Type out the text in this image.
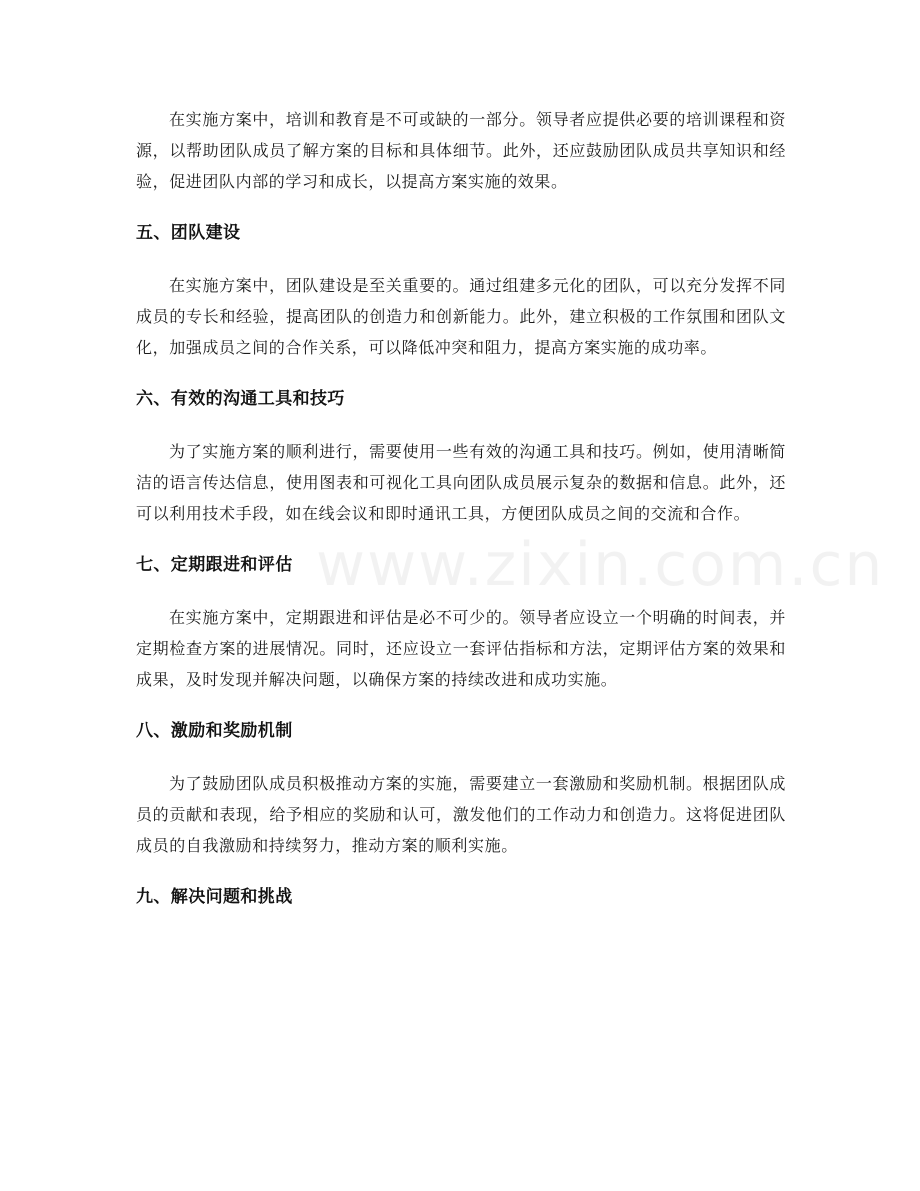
www.zixin.com.cn

在实施方案中，培训和教育是不可或缺的一部分。领导者应提供必要的培训课程和资源，以帮助团队成员了解方案的目标和具体细节。此外，还应鼓励团队成员共享知识和经验，促进团队内部的学习和成长，以提高方案实施的效果。

五、团队建设

在实施方案中，团队建设是至关重要的。通过组建多元化的团队，可以充分发挥不同成员的专长和经验，提高团队的创造力和创新能力。此外，建立积极的工作氛围和团队文化，加强成员之间的合作关系，可以降低冲突和阻力，提高方案实施的成功率。

六、有效的沟通工具和技巧

为了实施方案的顺利进行，需要使用一些有效的沟通工具和技巧。例如，使用清晰简洁的语言传达信息，使用图表和可视化工具向团队成员展示复杂的数据和信息。此外，还可以利用技术手段，如在线会议和即时通讯工具，方便团队成员之间的交流和合作。

七、定期跟进和评估

在实施方案中，定期跟进和评估是必不可少的。领导者应设立一个明确的时间表，并定期检查方案的进展情况。同时，还应设立一套评估指标和方法，定期评估方案的效果和成果，及时发现并解决问题，以确保方案的持续改进和成功实施。

八、激励和奖励机制

为了鼓励团队成员积极推动方案的实施，需要建立一套激励和奖励机制。根据团队成员的贡献和表现，给予相应的奖励和认可，激发他们的工作动力和创造力。这将促进团队成员的自我激励和持续努力，推动方案的顺利实施。

九、解决问题和挑战
